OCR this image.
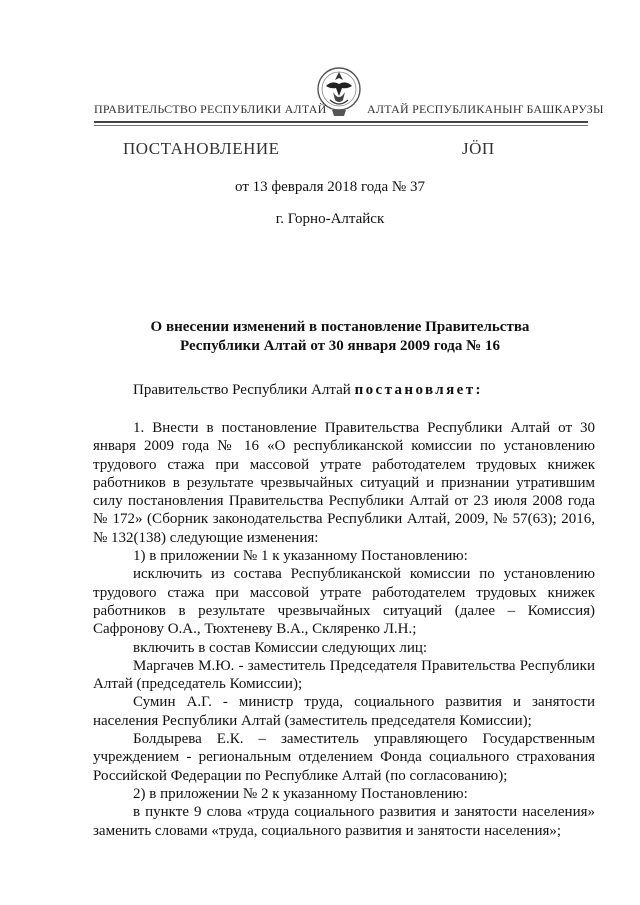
ПРАВИТЕЛЬСТВО РЕСПУБЛИКИ АЛТАЙ	АЛТАЙ РЕСПУБЛИКАНЫҤ БАШКАРУЗЫ
ПОСТАНОВЛЕНИЕ	JÖП
от 13 февраля 2018 года № 37
г. Горно-Алтайск
О внесении изменений в постановление Правительства
Республики Алтай от 30 января 2009 года № 16
Правительство Республики Алтай постановляет:

1. Внести в постановление Правительства Республики Алтай от 30 января 2009 года № 16 «О республиканской комиссии по установлению трудового стажа при массовой утрате работодателем трудовых книжек работников в результате чрезвычайных ситуаций и признании утратившим силу постановления Правительства Республики Алтай от 23 июля 2008 года № 172» (Сборник законодательства Республики Алтай, 2009, № 57(63); 2016, № 132(138) следующие изменения:

1) в приложении № 1 к указанному Постановлению:

исключить из состава Республиканской комиссии по установлению трудового стажа при массовой утрате работодателем трудовых книжек работников в результате чрезвычайных ситуаций (далее – Комиссия) Сафронову О.А., Тюхтеневу В.А., Скляренко Л.Н.;

включить в состав Комиссии следующих лиц:

Маргачев М.Ю. - заместитель Председателя Правительства Республики Алтай (председатель Комиссии);

Сумин А.Г. - министр труда, социального развития и занятости населения Республики Алтай (заместитель председателя Комиссии);

Болдырева Е.К. – заместитель управляющего Государственным учреждением - региональным отделением Фонда социального страхования Российской Федерации по Республике Алтай (по согласованию);

2) в приложении № 2 к указанному Постановлению:

в пункте 9 слова «труда социального развития и занятости населения» заменить словами «труда, социального развития и занятости населения»;
